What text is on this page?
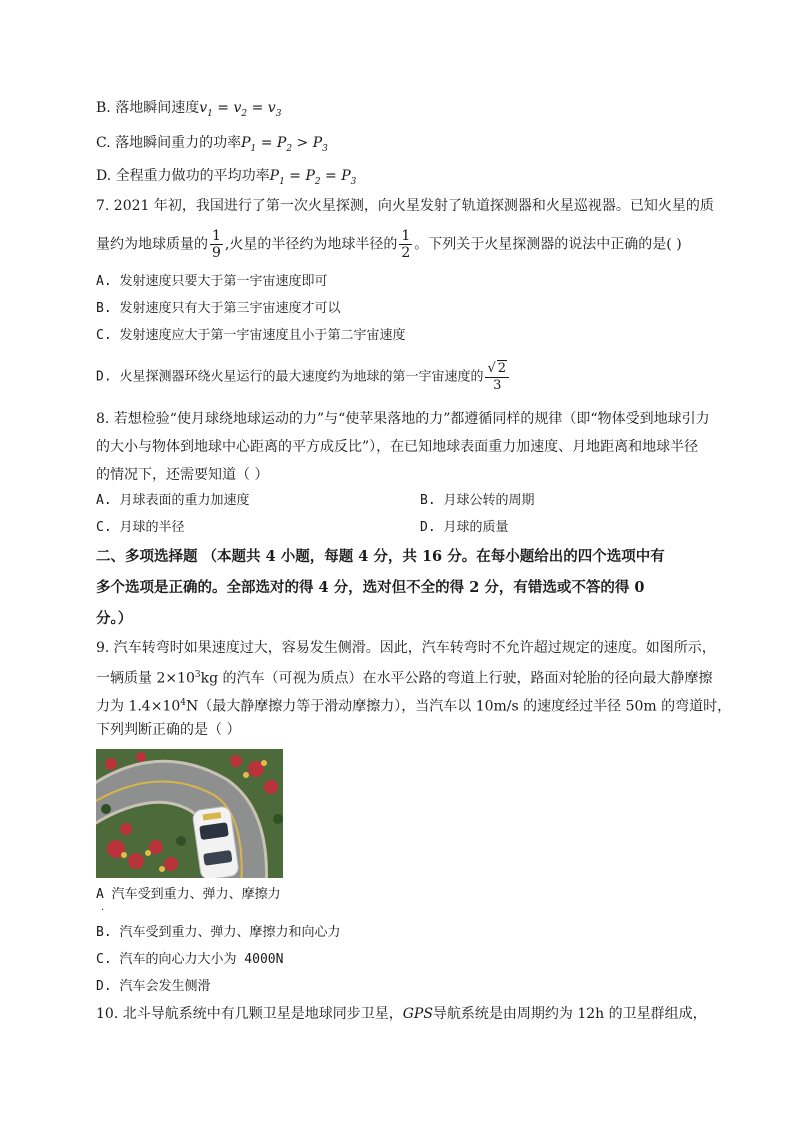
B. 落地瞬间速度$v_1 = v_2 = v_3$
C. 落地瞬间重力的功率$P_1 = P_2 > P_3$
D. 全程重力做功的平均功率$P_1 = P_2 = P_3$
7. 2021 年初，我国进行了第一次火星探测，向火星发射了轨道探测器和火星巡视器。已知火星的质
量约为地球质量的 $\frac{1}{9}$ ,火星的半径约为地球半径的 $\frac{1}{2}$ 。下列关于火星探测器的说法中正确的是( )
A. 发射速度只要大于第一宇宙速度即可
B. 发射速度只有大于第三宇宙速度才可以
C. 发射速度应大于第一宇宙速度且小于第二宇宙速度
D. 火星探测器环绕火星运行的最大速度约为地球的第一宇宙速度的 $\frac{√ 2}{3}$
8. 若想检验“使月球绕地球运动的力”与“使苹果落地的力”都遵循同样的规律（即“物体受到地球引力
的大小与物体到地球中心距离的平方成反比”），在已知地球表面重力加速度、月地距离和地球半径
的情况下，还需要知道（ ）
A. 月球表面的重力加速度	B. 月球公转的周期
C. 月球的半径	D. 月球的质量
二、多项选择题 （本题共 4 小题，每题 4 分，共 16 分。在每小题给出的四个选项中有
多个选项是正确的。全部选对的得 4 分，选对但不全的得 2 分，有错选或不答的得 0
分。）
9. 汽车转弯时如果速度过大，容易发生侧滑。因此，汽车转弯时不允许超过规定的速度。如图所示，
一辆质量 $2\times 10^3kg$ 的汽车（可视为质点）在水平公路的弯道上行驶，路面对轮胎的径向最大静摩擦
力为 $1.4\times 10^4N$（最大静摩擦力等于滑动摩擦力），当汽车以 10m/s 的速度经过半径 50m 的弯道时，
下列判断正确的是（ ）
A 汽车受到重力、弹力、摩擦力
.
B. 汽车受到重力、弹力、摩擦力和向心力
C. 汽车的向心力大小为 4000N
D. 汽车会发生侧滑
10. 北斗导航系统中有几颗卫星是地球同步卫星，GPS导航系统是由周期约为 12h 的卫星群组成，
